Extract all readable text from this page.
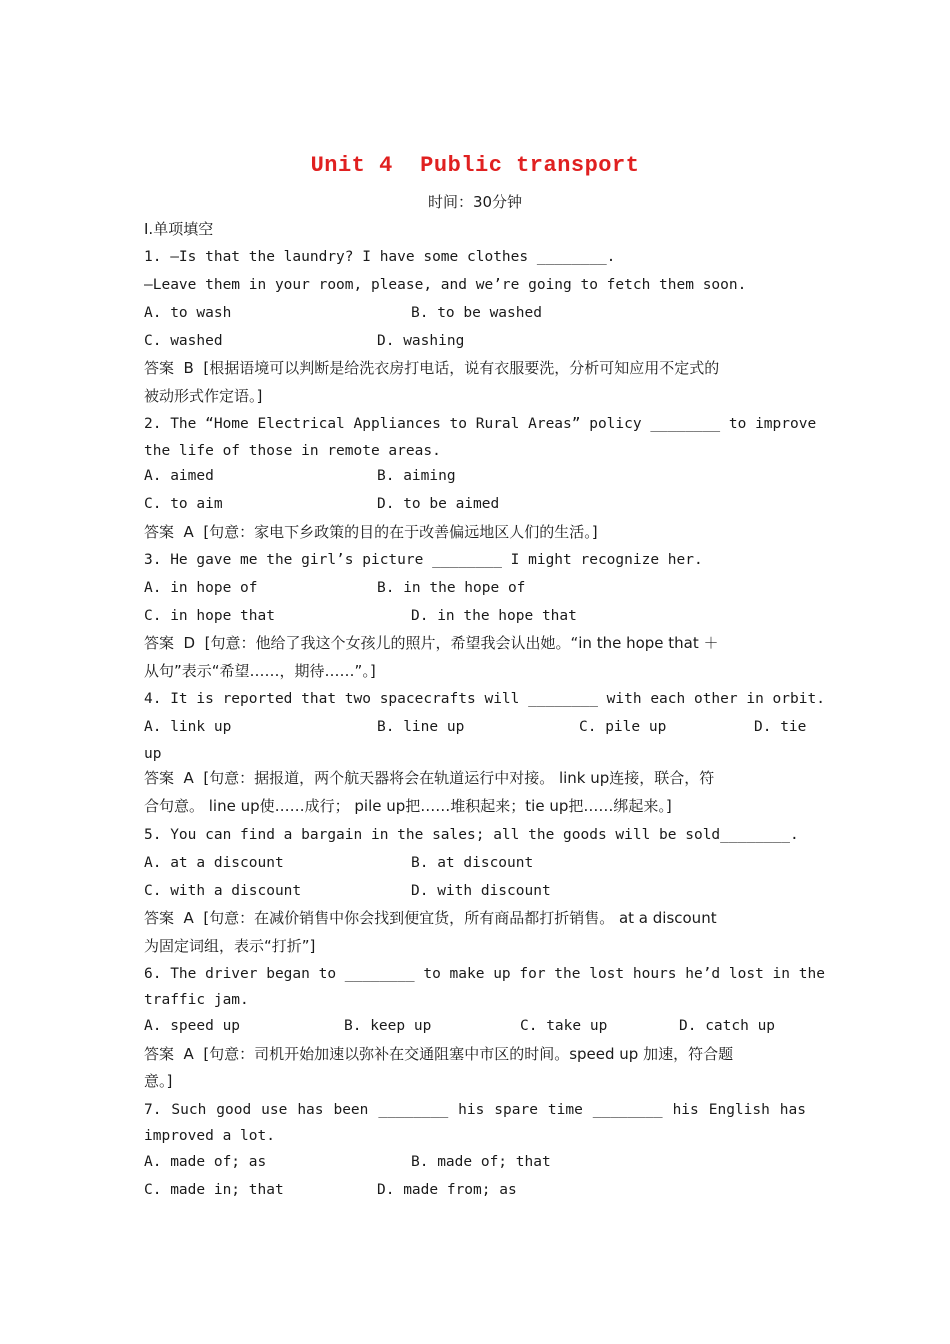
Unit 4  Public transport
时间：30分钟
Ⅰ.单项填空
1. —Is that the laundry? I have some clothes ________.
—Leave them in your room, please, and we’re going to fetch them soon.

A. to wash

	B. to be washed

C. washed

	D. washing

答案  B  [根据语境可以判断是给洗衣房打电话，说有衣服要洗，分析可知应用不定式的
被动形式作定语。]
2. The “Home Electrical Appliances to Rural Areas” policy ________ to improve
the life of those in remote areas.

A. aimed

	B. aiming

C. to aim

	D. to be aimed

答案  A  [句意：家电下乡政策的目的在于改善偏远地区人们的生活。]
3. He gave me the girl’s picture ________ I might recognize her.

A. in hope of

	B. in the hope of

C. in hope that

	D. in the hope that

答案  D  [句意：他给了我这个女孩儿的照片，希望我会认出她。“in the hope that ＋
从句”表示“希望……，期待……”。]
4. It is reported that two spacecrafts will ________ with each other in orbit.

A. link up

	B. line up

	C. pile up

	D. tie

up
答案  A  [句意：据报道，两个航天器将会在轨道运行中对接。 link up连接，联合，符
合句意。 line up使……成行； pile up把……堆积起来；tie up把……绑起来。]
5. You can find a bargain in the sales; all the goods will be sold________.

A. at a discount

	B. at discount

C. with a discount

	D. with discount

答案  A  [句意：在减价销售中你会找到便宜货，所有商品都打折销售。 at a discount
为固定词组，表示“打折”]
6. The driver began to ________ to make up for the lost hours he’d lost in the
traffic jam.

A. speed up

	B. keep up

	C. take up

	D. catch up

答案  A  [句意：司机开始加速以弥补在交通阻塞中市区的时间。speed up 加速，符合题
意。]
7. Such good use has been ________ his spare time ________ his English has
improved a lot.

A. made of; as

	B. made of; that

C. made in; that

	D. made from; as
